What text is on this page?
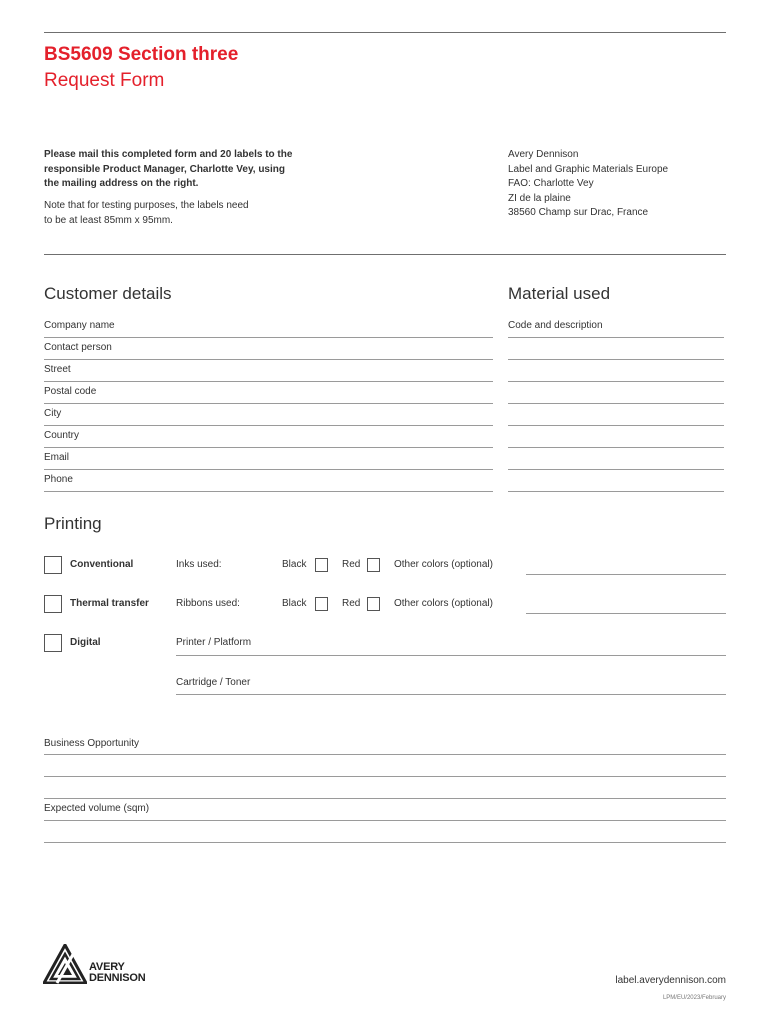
BS5609 Section three
Request Form
Please mail this completed form and 20 labels to the
responsible Product Manager, Charlotte Vey, using
the mailing address on the right.
Note that for testing purposes, the labels need
to be at least 85mm x 95mm.
Avery Dennison
Label and Graphic Materials Europe
FAO: Charlotte Vey
ZI de la plaine
38560 Champ sur Drac, France
Customer details
Company name
Contact person
Street
Postal code
City
Country
Email
Phone
Material used
Code and description
Printing
Conventional	Inks used:	Black	Red	Other colors (optional)
Thermal transfer	Ribbons used:	Black	Red	Other colors (optional)
Digital	Printer / Platform
Cartridge / Toner
Business Opportunity
Expected volume (sqm)
AVERY
DENNISON	label.averydennison.com
LPM/EU/2023/February
